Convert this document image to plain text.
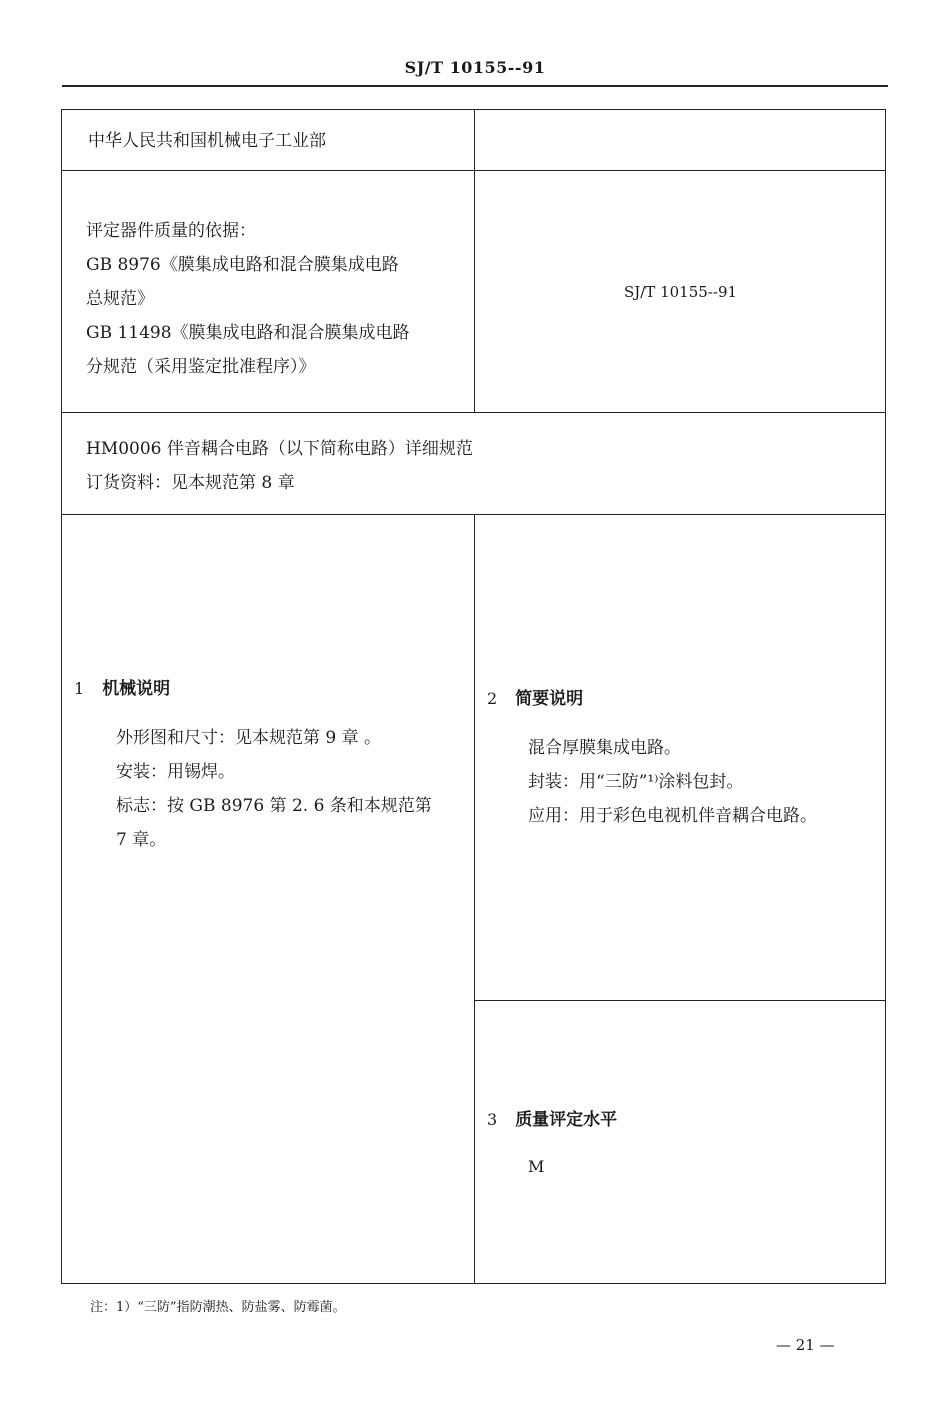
SJ/T 10155--91
中华人民共和国机械电子工业部
评定器件质量的依据：
GB 8976《膜集成电路和混合膜集成电路
总规范》
GB 11498《膜集成电路和混合膜集成电路
分规范（采用鉴定批准程序）》
SJ/T 10155--91
HM0006 伴音耦合电路（以下简称电路）详细规范
订货资料：见本规范第 8 章
1 机械说明
外形图和尺寸：见本规范第 9 章 。
安装：用锡焊。
标志：按 GB 8976 第 2. 6 条和本规范第
7 章。
2 简要说明
混合厚膜集成电路。
封装：用“三防”¹⁾涂料包封。
应用：用于彩色电视机伴音耦合电路。
3 质量评定水平
M
注：1）“三防”指防潮热、防盐雾、防霉菌。
— 21 —
